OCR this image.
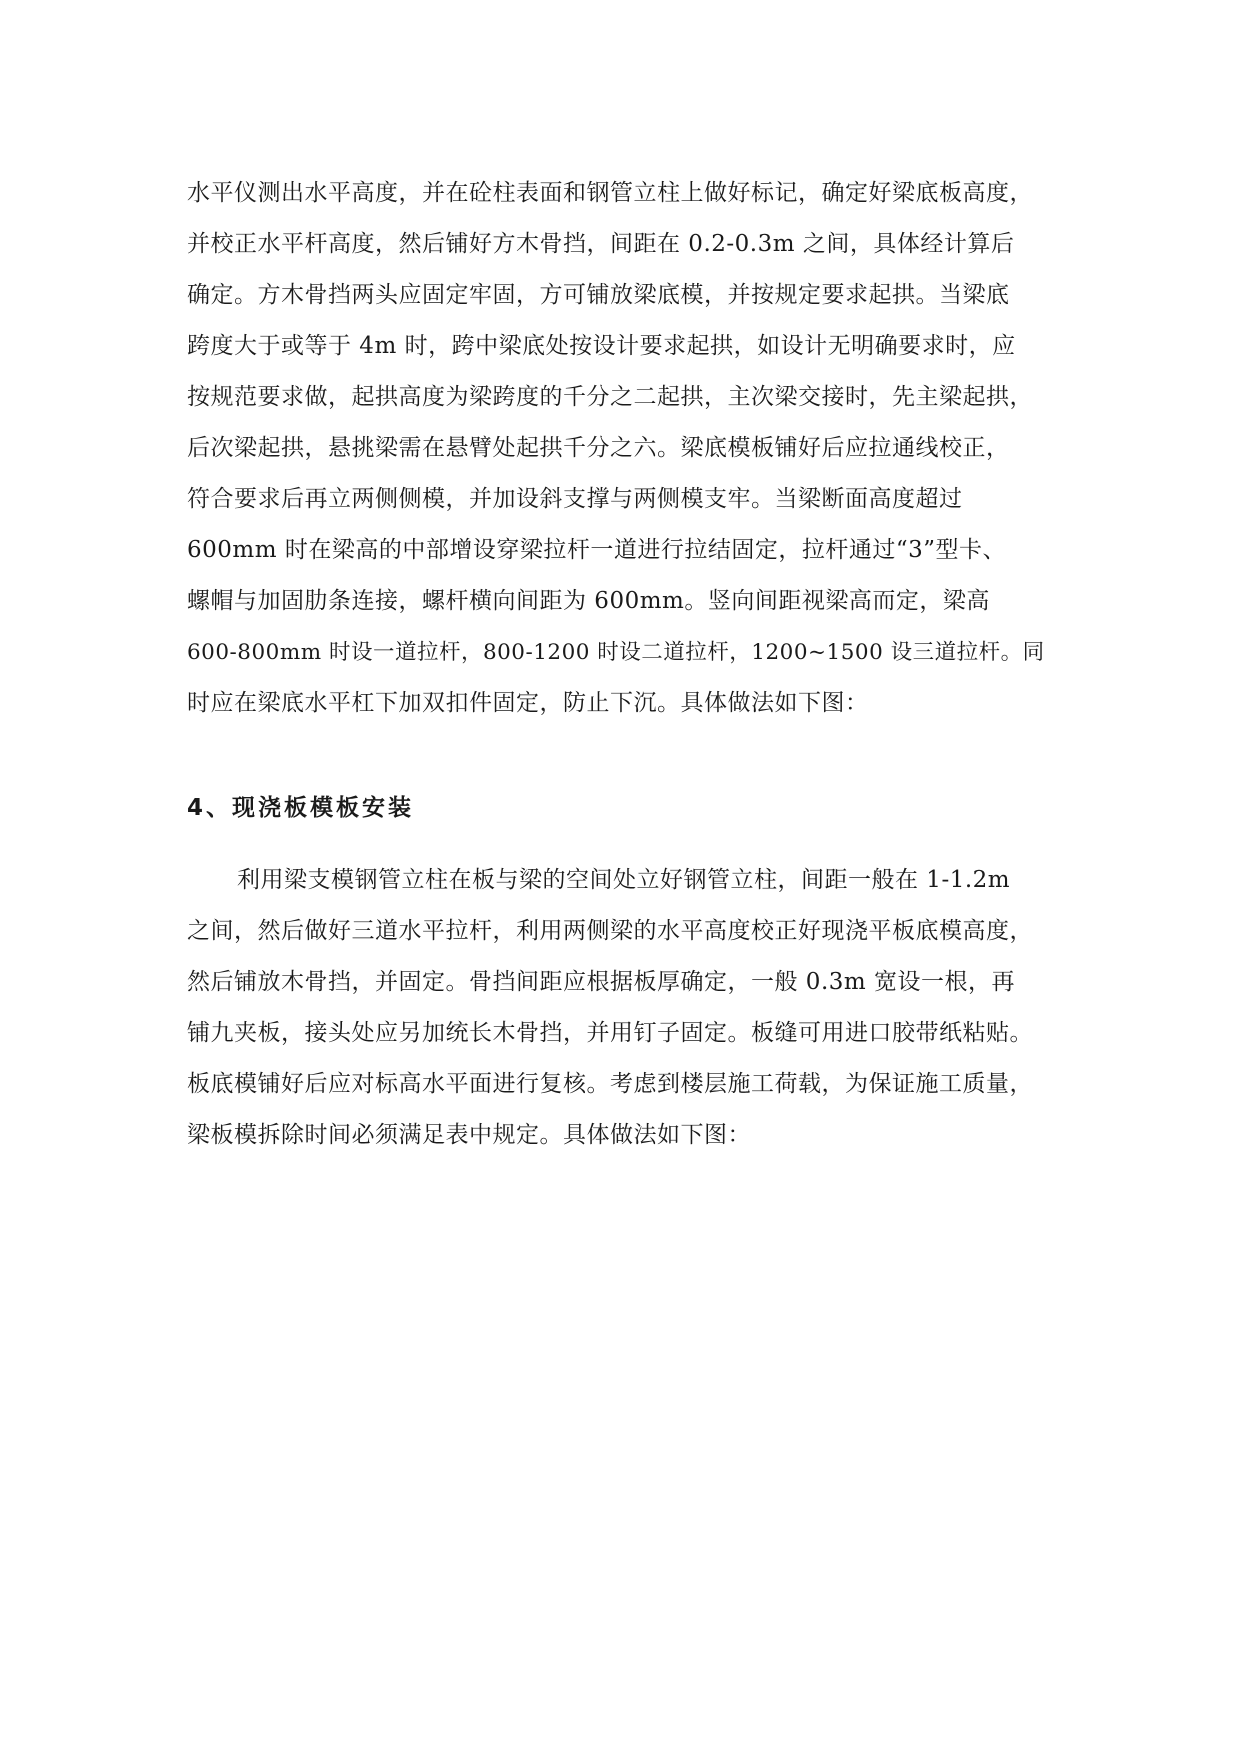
水平仪测出水平高度，并在砼柱表面和钢管立柱上做好标记，确定好梁底板高度，

并校正水平杆高度，然后铺好方木骨挡，间距在 0.2-0.3m 之间，具体经计算后

确定。方木骨挡两头应固定牢固，方可铺放梁底模，并按规定要求起拱。当梁底

跨度大于或等于 4m 时，跨中梁底处按设计要求起拱，如设计无明确要求时，应

按规范要求做，起拱高度为梁跨度的千分之二起拱，主次梁交接时，先主梁起拱，

后次梁起拱，悬挑梁需在悬臂处起拱千分之六。梁底模板铺好后应拉通线校正，

符合要求后再立两侧侧模，并加设斜支撑与两侧模支牢。当梁断面高度超过

600mm 时在梁高的中部增设穿梁拉杆一道进行拉结固定，拉杆通过“3”型卡、

螺帽与加固肋条连接，螺杆横向间距为 600mm。竖向间距视梁高而定，梁高

600-800mm 时设一道拉杆，800-1200 时设二道拉杆，1200~1500 设三道拉杆。同

时应在梁底水平杠下加双扣件固定，防止下沉。具体做法如下图：

4、现浇板模板安装

利用梁支模钢管立柱在板与梁的空间处立好钢管立柱，间距一般在 1-1.2m

之间，然后做好三道水平拉杆，利用两侧梁的水平高度校正好现浇平板底模高度，

然后铺放木骨挡，并固定。骨挡间距应根据板厚确定，一般 0.3m 宽设一根，再

铺九夹板，接头处应另加统长木骨挡，并用钉子固定。板缝可用进口胶带纸粘贴。

板底模铺好后应对标高水平面进行复核。考虑到楼层施工荷载，为保证施工质量，

梁板模拆除时间必须满足表中规定。具体做法如下图：
